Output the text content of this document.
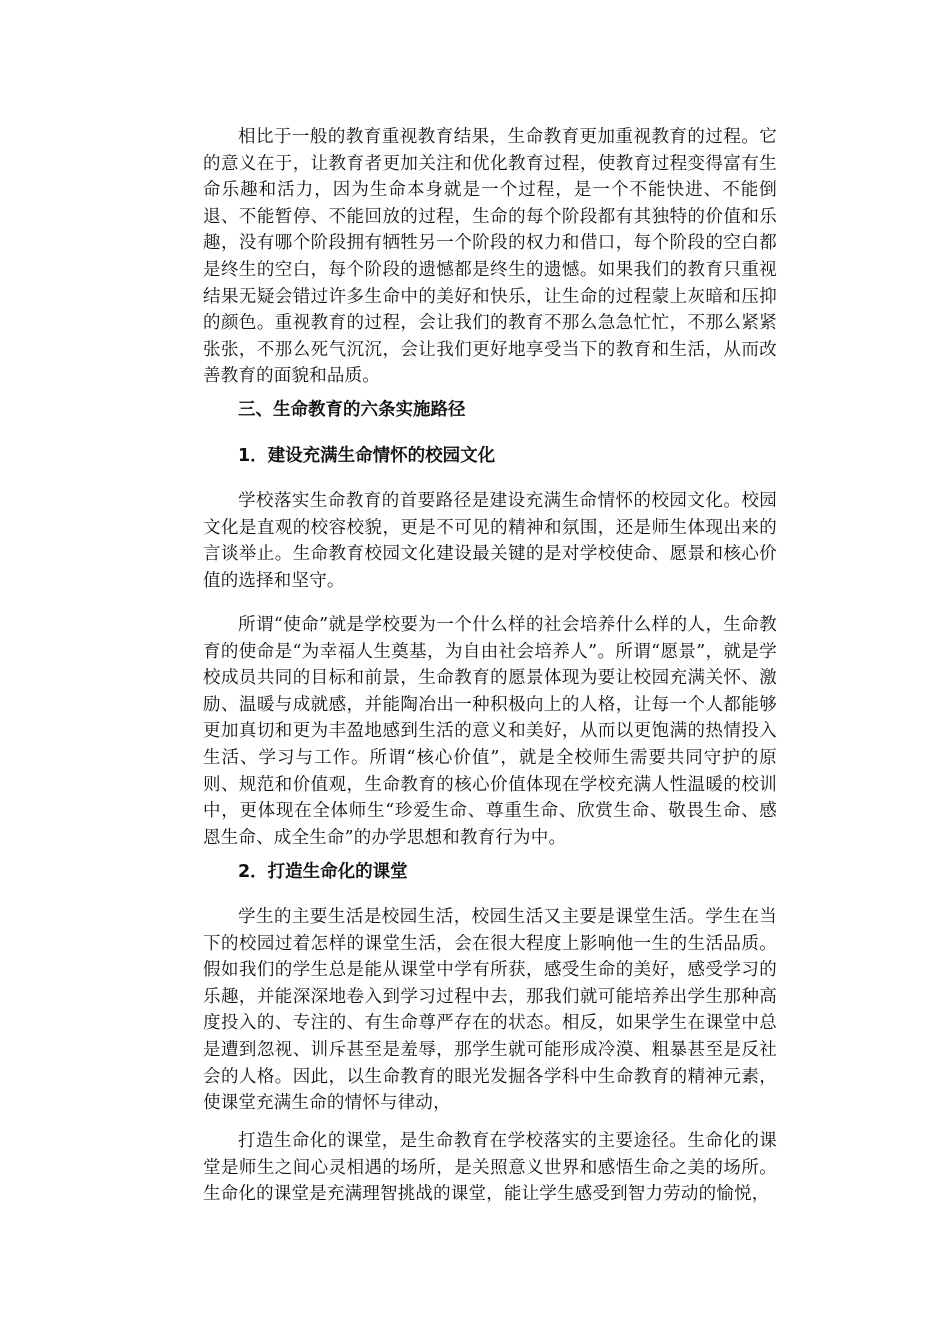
相比于一般的教育重视教育结果，生命教育更加重视教育的过程。它的意义在于，让教育者更加关注和优化教育过程，使教育过程变得富有生命乐趣和活力，因为生命本身就是一个过程，是一个不能快进、不能倒退、不能暂停、不能回放的过程，生命的每个阶段都有其独特的价值和乐趣，没有哪个阶段拥有牺牲另一个阶段的权力和借口，每个阶段的空白都是终生的空白，每个阶段的遗憾都是终生的遗憾。如果我们的教育只重视结果无疑会错过许多生命中的美好和快乐，让生命的过程蒙上灰暗和压抑的颜色。重视教育的过程，会让我们的教育不那么急急忙忙，不那么紧紧张张，不那么死气沉沉，会让我们更好地享受当下的教育和生活，从而改善教育的面貌和品质。

三、生命教育的六条实施路径
1．建设充满生命情怀的校园文化

学校落实生命教育的首要路径是建设充满生命情怀的校园文化。校园文化是直观的校容校貌，更是不可见的精神和氛围，还是师生体现出来的言谈举止。生命教育校园文化建设最关键的是对学校使命、愿景和核心价值的选择和坚守。

所谓“使命”就是学校要为一个什么样的社会培养什么样的人，生命教育的使命是“为幸福人生奠基，为自由社会培养人”。所谓“愿景”，就是学校成员共同的目标和前景，生命教育的愿景体现为要让校园充满关怀、激励、温暖与成就感，并能陶冶出一种积极向上的人格，让每一个人都能够更加真切和更为丰盈地感到生活的意义和美好，从而以更饱满的热情投入生活、学习与工作。所谓“核心价值”，就是全校师生需要共同守护的原则、规范和价值观，生命教育的核心价值体现在学校充满人性温暖的校训中，更体现在全体师生“珍爱生命、尊重生命、欣赏生命、敬畏生命、感恩生命、成全生命”的办学思想和教育行为中。

2．打造生命化的课堂

学生的主要生活是校园生活，校园生活又主要是课堂生活。学生在当下的校园过着怎样的课堂生活，会在很大程度上影响他一生的生活品质。假如我们的学生总是能从课堂中学有所获，感受生命的美好，感受学习的乐趣，并能深深地卷入到学习过程中去，那我们就可能培养出学生那种高度投入的、专注的、有生命尊严存在的状态。相反，如果学生在课堂中总是遭到忽视、训斥甚至是羞辱，那学生就可能形成冷漠、粗暴甚至是反社会的人格。因此，以生命教育的眼光发掘各学科中生命教育的精神元素，使课堂充满生命的情怀与律动，

打造生命化的课堂，是生命教育在学校落实的主要途径。生命化的课堂是师生之间心灵相遇的场所，是关照意义世界和感悟生命之美的场所。生命化的课堂是充满理智挑战的课堂，能让学生感受到智力劳动的愉悦，
